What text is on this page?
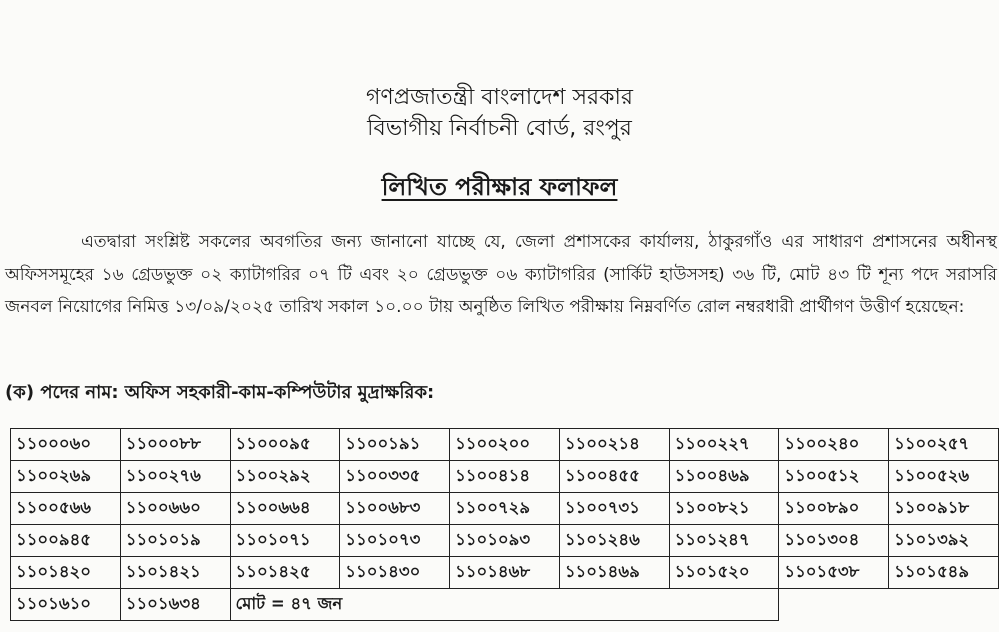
গণপ্রজাতন্ত্রী বাংলাদেশ সরকার
বিভাগীয় নির্বাচনী বোর্ড, রংপুর
লিখিত পরীক্ষার ফলাফল

এতদ্বারা সংশ্লিষ্ট সকলের অবগতির জন্য জানানো যাচ্ছে যে, জেলা প্রশাসকের কার্যালয়, ঠাকুরগাঁও এর সাধারণ প্রশাসনের অধীনস্থ অফিসসমূহের ১৬ গ্রেডভুক্ত ০২ ক্যাটাগরির ০৭ টি এবং ২০ গ্রেডভুক্ত ০৬ ক্যাটাগরির (সার্কিট হাউসসহ) ৩৬ টি, মোট ৪৩ টি শূন্য পদে সরাসরি জনবল নিয়োগের নিমিত্ত ১৩/০৯/২০২৫ তারিখ সকাল ১০.০০ টায় অনুষ্ঠিত লিখিত পরীক্ষায় নিম্নবর্ণিত রোল নম্বরধারী প্রার্থীগণ উত্তীর্ণ হয়েছেন:

(ক) পদের নাম: অফিস সহকারী-কাম-কম্পিউটার মুদ্রাক্ষরিক:
১১০০০৬০	১১০০০৮৮	১১০০০৯৫	১১০০১৯১	১১০০২০০	১১০০২১৪	১১০০২২৭	১১০০২৪০	১১০০২৫৭
১১০০২৬৯	১১০০২৭৬	১১০০২৯২	১১০০৩৩৫	১১০০৪১৪	১১০০৪৫৫	১১০০৪৬৯	১১০০৫১২	১১০০৫২৬
১১০০৫৬৬	১১০০৬৬০	১১০০৬৬৪	১১০০৬৮৩	১১০০৭২৯	১১০০৭৩১	১১০০৮২১	১১০০৮৯০	১১০০৯১৮
১১০০৯৪৫	১১০১০১৯	১১০১০৭১	১১০১০৭৩	১১০১০৯৩	১১০১২৪৬	১১০১২৪৭	১১০১৩০৪	১১০১৩৯২
১১০১৪২০	১১০১৪২১	১১০১৪২৫	১১০১৪৩০	১১০১৪৬৮	১১০১৪৬৯	১১০১৫২০	১১০১৫৩৮	১১০১৫৪৯
১১০১৬১০	১১০১৬৩৪	মোট = ৪৭ জন						
